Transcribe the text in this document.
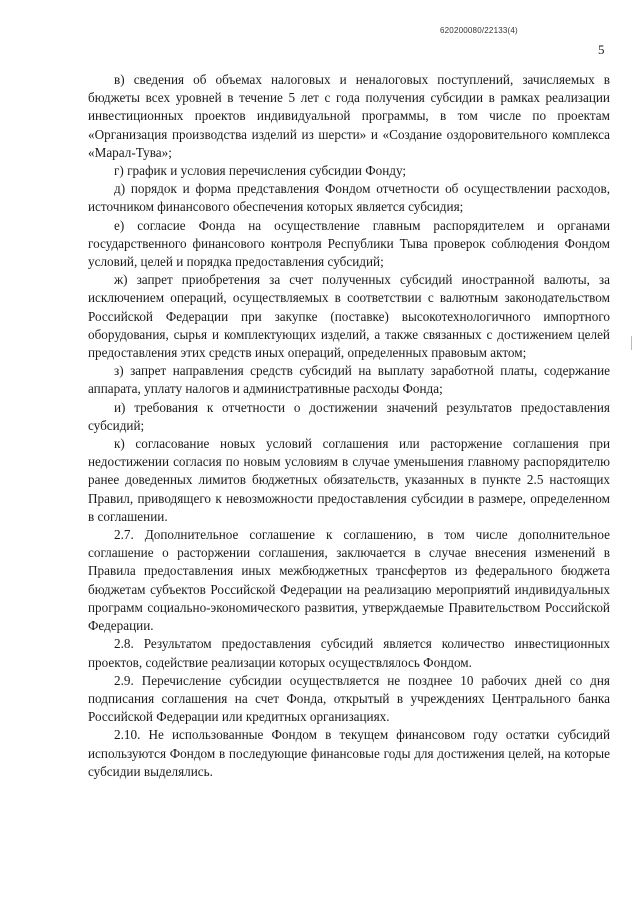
620200080/22133(4)
5

в) сведения об объемах налоговых и неналоговых поступлений, зачисляемых в бюджеты всех уровней в течение 5 лет с года получения субсидии в рамках реализации инвестиционных проектов индивидуальной программы, в том числе по проектам «Организация производства изделий из шерсти» и «Создание оздоровительного комплекса «Марал-Тува»;

г) график и условия перечисления субсидии Фонду;

д) порядок и форма представления Фондом отчетности об осуществлении расходов, источником финансового обеспечения которых является субсидия;

е) согласие Фонда на осуществление главным распорядителем и органами государственного финансового контроля Республики Тыва проверок соблюдения Фондом условий, целей и порядка предоставления субсидий;

ж) запрет приобретения за счет полученных субсидий иностранной валюты, за исключением операций, осуществляемых в соответствии с валютным законодательством Российской Федерации при закупке (поставке) высокотехнологичного импортного оборудования, сырья и комплектующих изделий, а также связанных с достижением целей предоставления этих средств иных операций, определенных правовым актом;

з) запрет направления средств субсидий на выплату заработной платы, содержание аппарата, уплату налогов и административные расходы Фонда;

и) требования к отчетности о достижении значений результатов предоставления субсидий;

к) согласование новых условий соглашения или расторжение соглашения при недостижении согласия по новым условиям в случае уменьшения главному распорядителю ранее доведенных лимитов бюджетных обязательств, указанных в пункте 2.5 настоящих Правил, приводящего к невозможности предоставления субсидии в размере, определенном в соглашении.

2.7. Дополнительное соглашение к соглашению, в том числе дополнительное соглашение о расторжении соглашения, заключается в случае внесения изменений в Правила предоставления иных межбюджетных трансфертов из федерального бюджета бюджетам субъектов Российской Федерации на реализацию мероприятий индивидуальных программ социально-экономического развития, утверждаемые Правительством Российской Федерации.

2.8. Результатом предоставления субсидий является количество инвестиционных проектов, содействие реализации которых осуществлялось Фондом.

2.9. Перечисление субсидии осуществляется не позднее 10 рабочих дней со дня подписания соглашения на счет Фонда, открытый в учреждениях Центрального банка Российской Федерации или кредитных организациях.

2.10. Не использованные Фондом в текущем финансовом году остатки субсидий используются Фондом в последующие финансовые годы для достижения целей, на которые субсидии выделялись.
